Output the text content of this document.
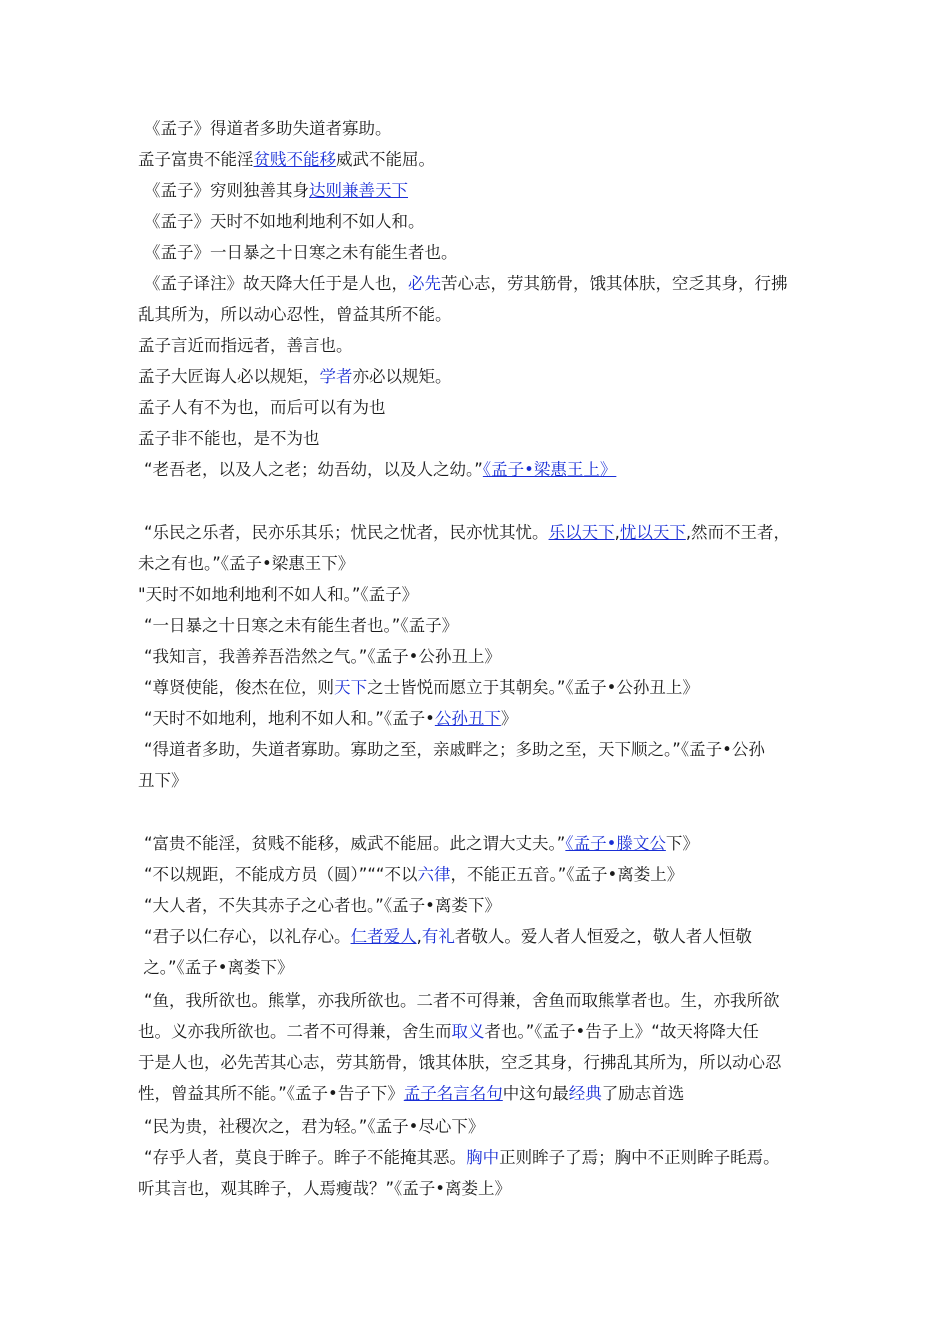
《孟子》得道者多助失道者寡助。
孟子富贵不能淫贫贱不能移威武不能屈。
《孟子》穷则独善其身达则兼善天下
《孟子》天时不如地利地利不如人和。
《孟子》一日暴之十日寒之未有能生者也。
《孟子译注》故天降大任于是人也，必先苦心志，劳其筋骨，饿其体肤，空乏其身，行拂
乱其所为，所以动心忍性，曾益其所不能。
孟子言近而指远者，善言也。
孟子大匠诲人必以规矩，学者亦必以规矩。
孟子人有不为也，而后可以有为也
孟子非不能也，是不为也
“老吾老，以及人之老；幼吾幼，以及人之幼。”《孟子•梁惠王上》
“乐民之乐者，民亦乐其乐；忧民之忧者，民亦忧其忧。乐以天下,忧以天下,然而不王者，
未之有也。”《孟子•梁惠王下》
"天时不如地利地利不如人和。”《孟子》
“一日暴之十日寒之未有能生者也。”《孟子》
“我知言，我善养吾浩然之气。”《孟子•公孙丑上》
“尊贤使能，俊杰在位，则天下之士皆悦而愿立于其朝矣。”《孟子•公孙丑上》
“天时不如地利，地利不如人和。”《孟子•公孙丑下》
“得道者多助，失道者寡助。寡助之至，亲戚畔之；多助之至，天下顺之。”《孟子•公孙
丑下》
“富贵不能淫，贫贱不能移，威武不能屈。此之谓大丈夫。”《孟子•滕文公下》
“不以规距，不能成方员（圆）”““不以六律，不能正五音。”《孟子•离娄上》
“大人者，不失其赤子之心者也。”《孟子•离娄下》
“君子以仁存心，以礼存心。仁者爱人,有礼者敬人。爱人者人恒爱之，敬人者人恒敬
之。”《孟子•离娄下》
“鱼，我所欲也。熊掌，亦我所欲也。二者不可得兼，舍鱼而取熊掌者也。生，亦我所欲
也。义亦我所欲也。二者不可得兼，舍生而取义者也。”《孟子•告子上》“故天将降大任
于是人也，必先苦其心志，劳其筋骨，饿其体肤，空乏其身，行拂乱其所为，所以动心忍
性，曾益其所不能。”《孟子•告子下》孟子名言名句中这句最经典了励志首选
“民为贵，社稷次之，君为轻。”《孟子•尽心下》
“存乎人者，莫良于眸子。眸子不能掩其恶。胸中正则眸子了焉；胸中不正则眸子眊焉。
听其言也，观其眸子，人焉瘦哉？”《孟子•离娄上》
